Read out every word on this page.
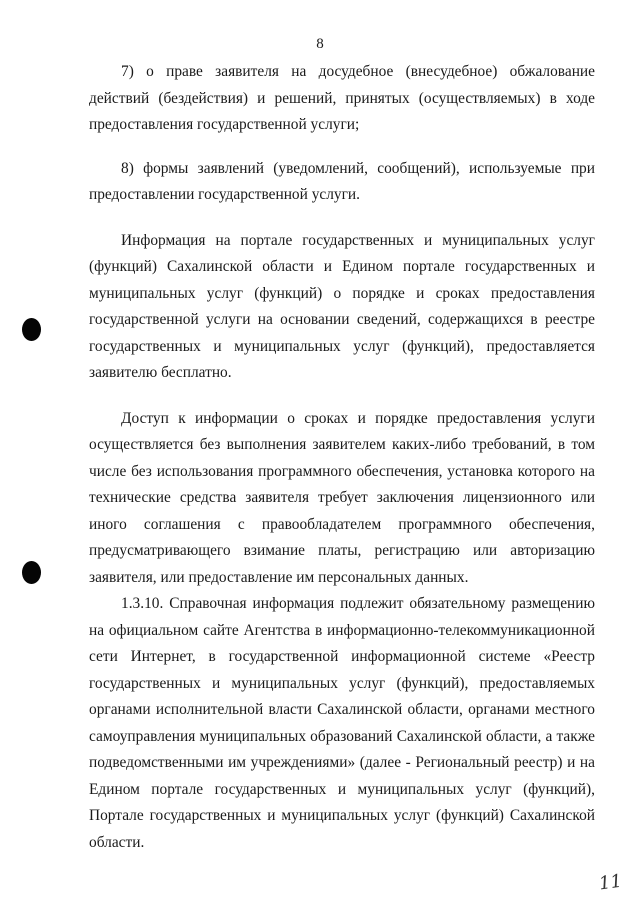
8

7) о праве заявителя на досудебное (внесудебное) обжалование действий (бездействия) и решений, принятых (осуществляемых) в ходе предоставления государственной услуги;

8) формы заявлений (уведомлений, сообщений), используемые при предоставлении государственной услуги.

Информация на портале государственных и муниципальных услуг (функций) Сахалинской области и Едином портале государственных и муниципальных услуг (функций) о порядке и сроках предоставления государственной услуги на основании сведений, содержащихся в реестре государственных и муниципальных услуг (функций), предоставляется заявителю бесплатно.

Доступ к информации о сроках и порядке предоставления услуги осуществляется без выполнения заявителем каких-либо требований, в том числе без использования программного обеспечения, установка которого на технические средства заявителя требует заключения лицензионного или иного соглашения с правообладателем программного обеспечения, предусматривающего взимание платы, регистрацию или авторизацию заявителя, или предоставление им персональных данных.

1.3.10. Справочная информация подлежит обязательному размещению на официальном сайте Агентства в информационно-телекоммуникационной сети Интернет, в государственной информационной системе «Реестр государственных и муниципальных услуг (функций), предоставляемых органами исполнительной власти Сахалинской области, органами местного самоуправления муниципальных образований Сахалинской области, а также подведомственными им учреждениями» (далее - Региональный реестр) и на Едином портале государственных и муниципальных услуг (функций), Портале государственных и муниципальных услуг (функций) Сахалинской области.

11
